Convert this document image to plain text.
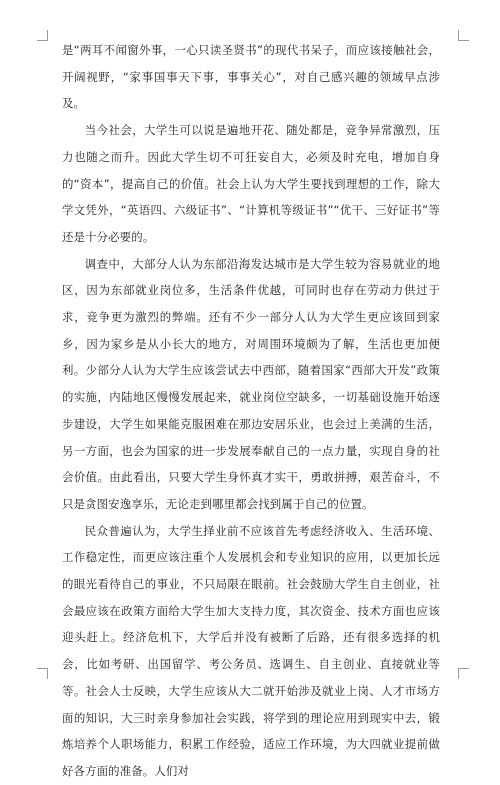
是“两耳不闻窗外事，一心只读圣贤书”的现代书呆子，而应该接触社会，开阔视野，“家事国事天下事，事事关心”，对自己感兴趣的领域早点涉及。

当今社会，大学生可以说是遍地开花、随处都是，竞争异常激烈，压力也随之而升。因此大学生切不可狂妄自大，必须及时充电，增加自身的“资本”，提高自己的价值。社会上认为大学生要找到理想的工作，除大学文凭外，“英语四、六级证书”、“计算机等级证书”“优干、三好证书”等还是十分必要的。

调查中，大部分人认为东部沿海发达城市是大学生较为容易就业的地区，因为东部就业岗位多，生活条件优越，可同时也存在劳动力供过于求，竞争更为激烈的弊端。还有不少一部分人认为大学生更应该回到家乡，因为家乡是从小长大的地方，对周围环境颇为了解，生活也更加便利。少部分人认为大学生应该尝试去中西部，随着国家“西部大开发”政策的实施，内陆地区慢慢发展起来，就业岗位空缺多，一切基础设施开始逐步建设，大学生如果能克服困难在那边安居乐业，也会过上美满的生活，另一方面，也会为国家的进一步发展奉献自己的一点力量，实现自身的社会价值。由此看出，只要大学生身怀真才实干，勇敢拼搏，艰苦奋斗，不只是贪图安逸享乐，无论走到哪里都会找到属于自己的位置。

民众普遍认为，大学生择业前不应该首先考虑经济收入、生活环境、工作稳定性，而更应该注重个人发展机会和专业知识的应用，以更加长远的眼光看待自己的事业，不只局限在眼前。社会鼓励大学生自主创业，社会最应该在政策方面给大学生加大支持力度，其次资金、技术方面也应该迎头赶上。经济危机下，大学后并没有被断了后路，还有很多选择的机会，比如考研、出国留学、考公务员、选调生、自主创业、直接就业等等。社会人士反映，大学生应该从大二就开始涉及就业上岗、人才市场方面的知识，大三时亲身参加社会实践，将学到的理论应用到现实中去，锻炼培养个人职场能力，积累工作经验，适应工作环境，为大四就业提前做好各方面的准备。人们对
